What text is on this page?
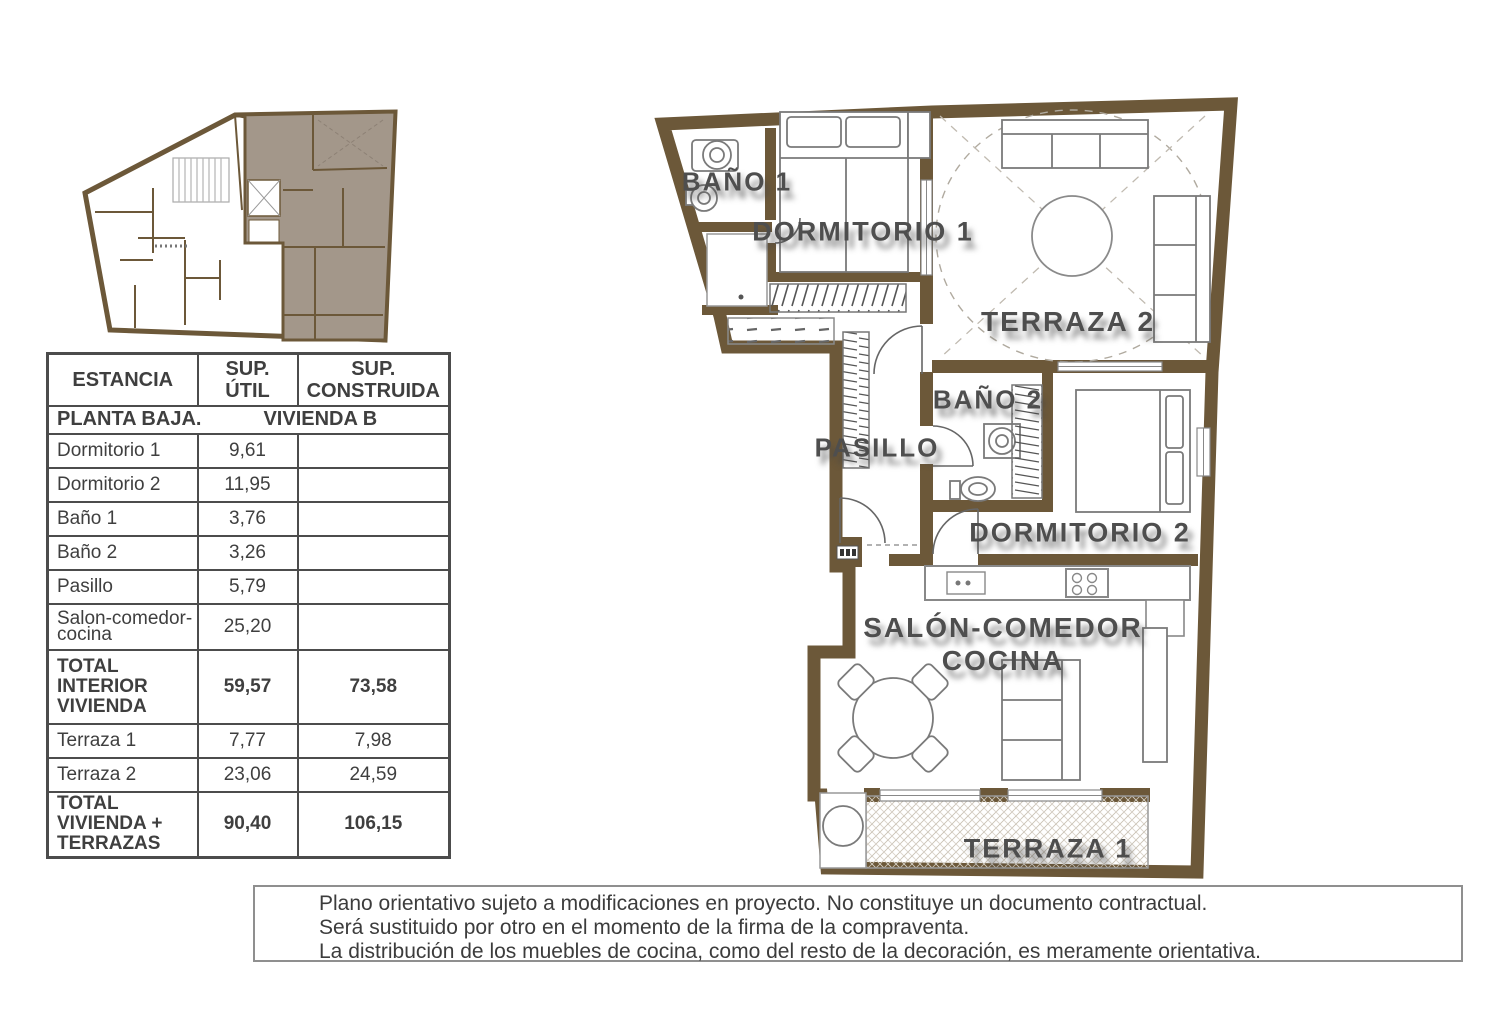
ESTANCIA	SUP. ÚTIL	SUP. CONSTRUIDA

PLANTA BAJA. VIVIENDA B		

Dormitorio 1	9,61	
Dormitorio 2	11,95	
Baño 1	3,76	
Baño 2	3,26	
Pasillo	5,79	
Salon-comedor-cocina	25,20	
TOTAL INTERIOR VIVIENDA	59,57	73,58
Terraza 1	7,77	7,98
Terraza 2	23,06	24,59
TOTAL VIVIENDA + TERRAZAS	90,40	106,15
BAÑO 1
DORMITORIO 1
TERRAZA 2
BAÑO 2
PASILLO
DORMITORIO 2
SALÓN-COMEDOR
COCINA
TERRAZA 1
Plano orientativo sujeto a modificaciones en proyecto. No constituye un documento contractual.
Será sustituido por otro en el momento de la firma de la compraventa.
La distribución de los muebles de cocina, como del resto de la decoración, es meramente orientativa.
